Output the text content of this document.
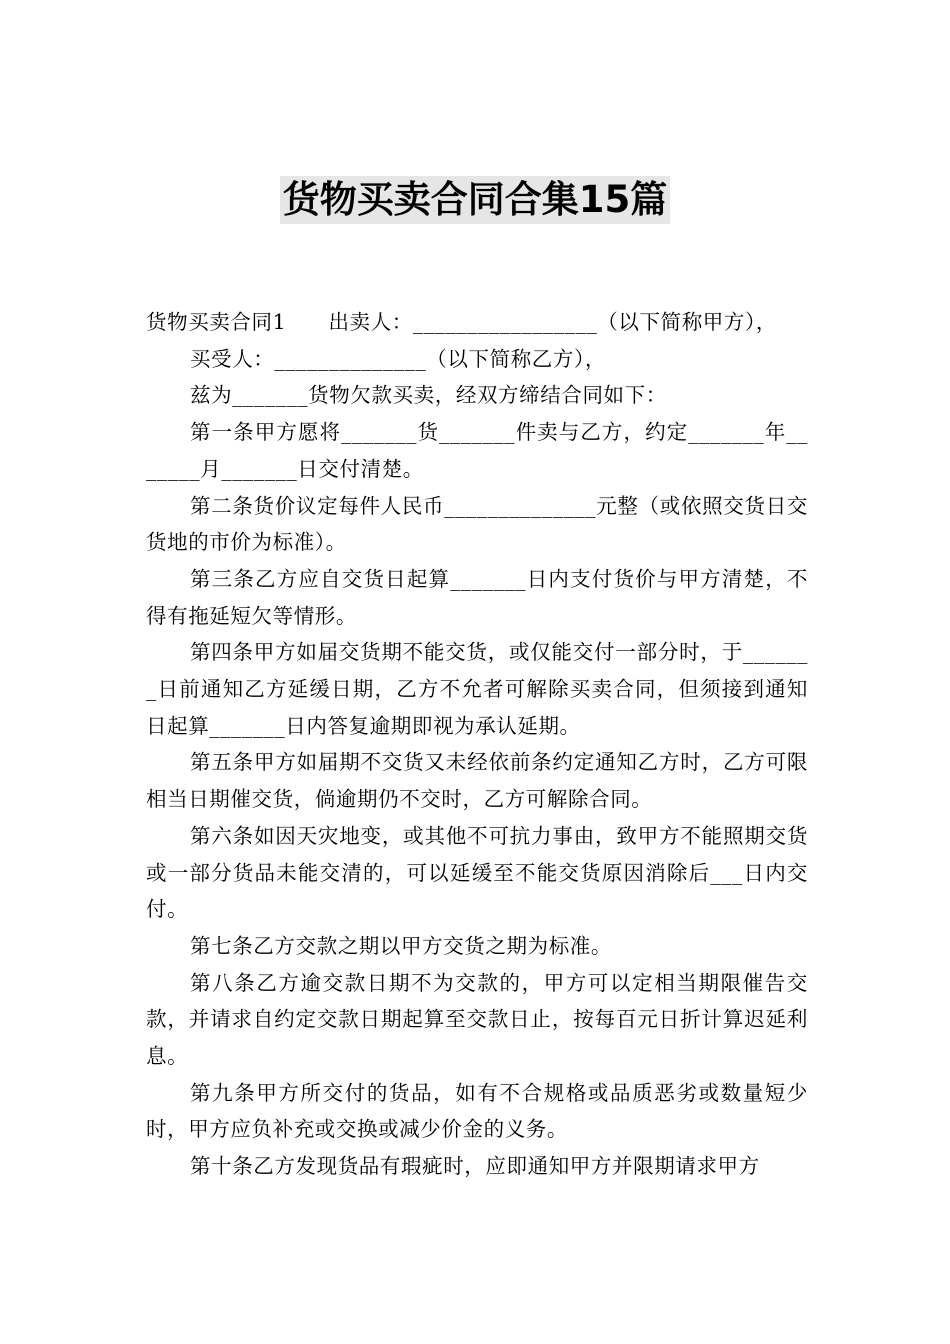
货物买卖合同合集15篇

货物买卖合同1　　出卖人：_________________（以下简称甲方），

买受人：______________（以下简称乙方），

兹为_______货物欠款买卖，经双方缔结合同如下：

第一条甲方愿将_______货_______件卖与乙方，约定_______年_______月_______日交付清楚。

第二条货价议定每件人民币______________元整（或依照交货日交货地的市价为标准）。

第三条乙方应自交货日起算_______日内支付货价与甲方清楚，不得有拖延短欠等情形。

第四条甲方如届交货期不能交货，或仅能交付一部分时，于_______日前通知乙方延缓日期，乙方不允者可解除买卖合同，但须接到通知日起算_______日内答复逾期即视为承认延期。

第五条甲方如届期不交货又未经依前条约定通知乙方时，乙方可限相当日期催交货，倘逾期仍不交时，乙方可解除合同。

第六条如因天灾地变，或其他不可抗力事由，致甲方不能照期交货或一部分货品未能交清的，可以延缓至不能交货原因消除后___日内交付。

第七条乙方交款之期以甲方交货之期为标准。

第八条乙方逾交款日期不为交款的，甲方可以定相当期限催告交款，并请求自约定交款日期起算至交款日止，按每百元日折计算迟延利息。

第九条甲方所交付的货品，如有不合规格或品质恶劣或数量短少时，甲方应负补充或交换或减少价金的义务。

第十条乙方发现货品有瑕疵时，应即通知甲方并限期请求甲方
